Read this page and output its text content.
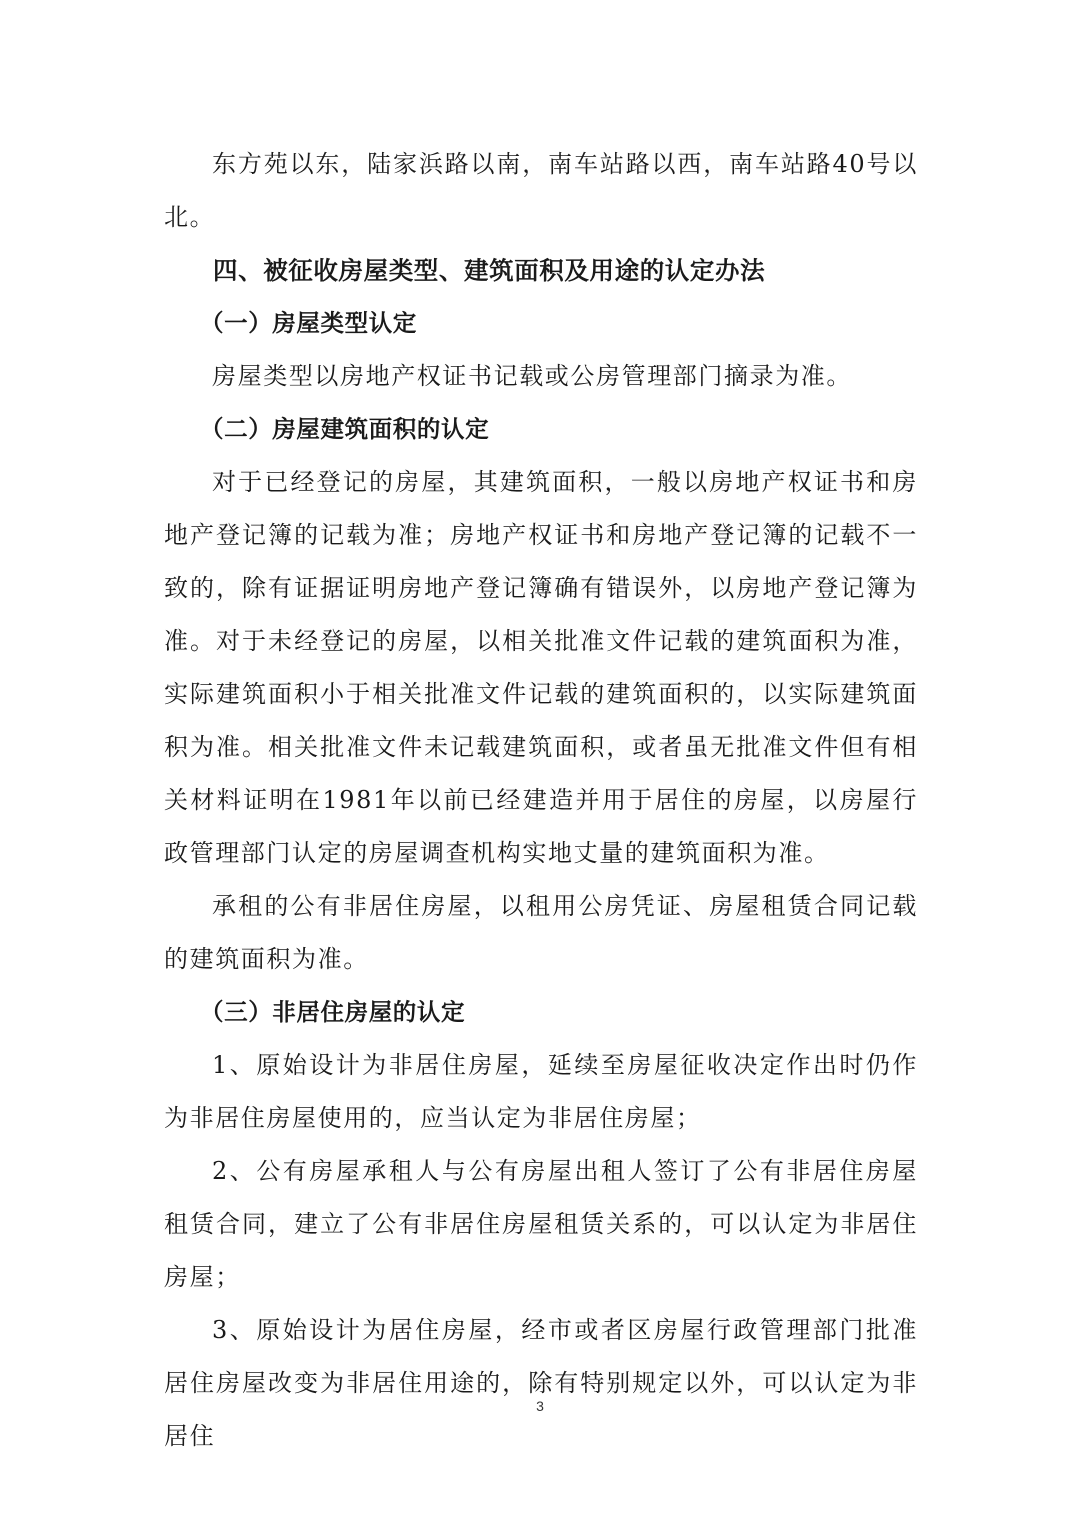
东方苑以东，陆家浜路以南，南车站路以西，南车站路40号以北。

四、被征收房屋类型、建筑面积及用途的认定办法

（一）房屋类型认定

房屋类型以房地产权证书记载或公房管理部门摘录为准。

（二）房屋建筑面积的认定

对于已经登记的房屋，其建筑面积，一般以房地产权证书和房地产登记簿的记载为准；房地产权证书和房地产登记簿的记载不一致的，除有证据证明房地产登记簿确有错误外，以房地产登记簿为准。对于未经登记的房屋，以相关批准文件记载的建筑面积为准，实际建筑面积小于相关批准文件记载的建筑面积的，以实际建筑面积为准。相关批准文件未记载建筑面积，或者虽无批准文件但有相关材料证明在1981年以前已经建造并用于居住的房屋，以房屋行政管理部门认定的房屋调查机构实地丈量的建筑面积为准。

承租的公有非居住房屋，以租用公房凭证、房屋租赁合同记载的建筑面积为准。

（三）非居住房屋的认定

1、原始设计为非居住房屋，延续至房屋征收决定作出时仍作为非居住房屋使用的，应当认定为非居住房屋；

2、公有房屋承租人与公有房屋出租人签订了公有非居住房屋租赁合同，建立了公有非居住房屋租赁关系的，可以认定为非居住房屋；

3、原始设计为居住房屋，经市或者区房屋行政管理部门批准居住房屋改变为非居住用途的，除有特别规定以外，可以认定为非居住

3
